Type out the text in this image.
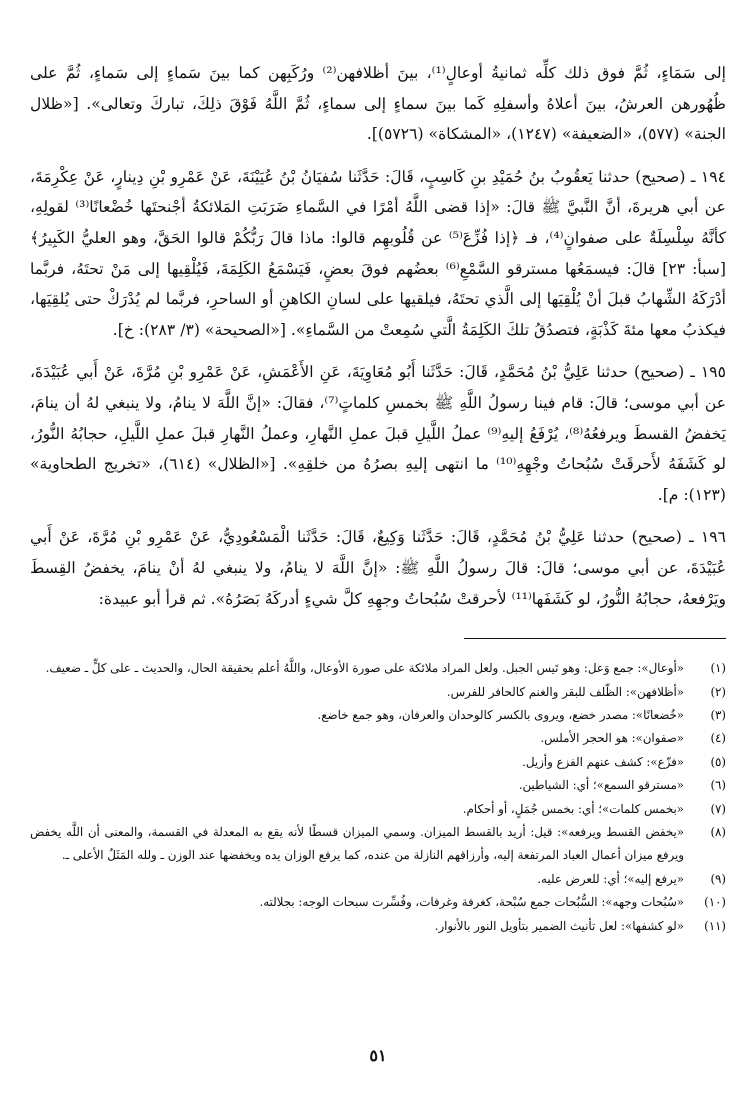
إلى سَمَاءٍ، ثُمَّ فوق ذلك كلِّه ثمانيةُ أوعالٍ⁽¹⁾، بينَ أظلافهن⁽²⁾ ورُكَبِهن كما بينَ سَماءٍ إلى سَماءٍ، ثُمَّ على ظُهُورهن العرشُ، بينَ أعلاهُ وأسفلِهِ كَما بينَ سماءٍ إلى سماءٍ، ثُمَّ اللَّهُ فَوْقَ ذلِكَ، تباركَ وتعالى». [«ظلال الجنة» (٥٧٧)، «الضعيفة» (١٢٤٧)، «المشكاة» (٥٧٢٦)].

١٩٤ ـ (صحيح) حدثنا يَعقُوبُ بنُ حُمَيْدِ بنِ كَاسِبٍ، قَالَ: حَدَّثَنا سُفيَانُ بْنُ عُيَيْنَةَ، عَنْ عَمْرِو بْنِ دِينارٍ، عَنْ عِكْرِمَةَ، عن أبي هريرةَ، أنَّ النَّبيَّ ﷺ قالَ: «إذا قضى اللَّهُ أمْرًا في السَّماءِ ضَرَبَتِ المَلائكةُ أجْنحتَها خُضْعانًا⁽³⁾ لقولِهِ، كأنَّهُ سِلْسِلَةٌ على صفوانٍ⁽⁴⁾، فـ ﴿إذا فُزِّعَ⁽⁵⁾ عن قُلُوبهِم قالوا: ماذا قالَ رَبُّكُمْ قالوا الحَقَّ، وهو العليُّ الكَبِيرُ﴾ [سبأ: ٢٣] قالَ: فيسمَعُها مسترقو السَّمْعِ⁽⁶⁾ بعضُهم فوقَ بعضٍ، فَيَسْمَعُ الكَلِمَةَ، فَيُلْقِيها إلى مَنْ تحتَهُ، فربَّما أدْرَكَهُ الشِّهابُ قبلَ أنْ يُلْقِيَها إلى الَّذي تحتَهُ، فيلقيها على لسانِ الكاهنِ أو الساحرِ، فربَّما لم يُدْرَكْ حتى يُلقِيَها، فيكذبُ معها مئةَ كَذْبَةٍ، فتصدُقُ تلكَ الكَلِمَةُ الَّتي سُمِعتْ من السَّماءِ». [«الصحيحة» (٣/ ٢٨٣): خ].

١٩٥ ـ (صحيح) حدثنا عَلِيُّ بْنُ مُحَمَّدٍ، قَالَ: حَدَّثَنا أَبُو مُعَاوِيَةَ، عَنِ الأَعْمَشِ، عَنْ عَمْرِو بْنِ مُرَّةَ، عَنْ أَبي عُبَيْدَةَ، عن أبي موسى؛ قالَ: قام فينا رسولُ اللَّهِ ﷺ بخمسِ كلماتٍ⁽⁷⁾، فقالَ: «إنَّ اللَّهَ لا ينامُ، ولا ينبغي لهُ أن ينامَ، يَخفضُ القسطَ ويرفعُهُ⁽⁸⁾، يُرْفَعُ إليهِ⁽⁹⁾ عملُ اللَّيلِ قبلَ عملِ النَّهارِ، وعملُ النَّهارِ قبلَ عملِ اللَّيلِ، حجابُهُ النُّورُ، لو كَشَفَهُ لأَحرقَتْ سُبُحاتُ وجْهِهِ⁽¹⁰⁾ ما انتهى إليهِ بصرُهُ من خلقِهِ». [«الظلال» (٦١٤)، «تخريج الطحاوية» (١٢٣): م].

١٩٦ ـ (صحيح) حدثنا عَلِيُّ بْنُ مُحَمَّدٍ، قَالَ: حَدَّثَنا وَكِيعٌ، قَالَ: حَدَّثَنا الْمَسْعُودِيُّ، عَنْ عَمْرِو بْنِ مُرَّةَ، عَنْ أَبي عُبَيْدَةَ، عن أبي موسى؛ قالَ: قالَ رسولُ اللَّهِ ﷺ: «إنَّ اللَّهَ لا ينامُ، ولا ينبغي لهُ أنْ ينامَ، يخفضُ القِسطَ ويَرْفعهُ، حجابُهُ النُّورُ، لو كَشَفَها⁽¹¹⁾ لأحرقتْ سُبُحاتُ وجهِهِ كلَّ شيءٍ أدركَهُ بَصَرُهُ». ثم قرأ أبو عبيدة:

(١)
«أوعال»: جمع وَعل: وهو تَيس الجبل. ولعل المراد ملائكة على صورة الأوعال، واللَّهُ أعلم بحقيقة الحال، والحديث ـ على كلٍّ ـ ضعيف.
(٢)
«أظلافهن»: الظّلف للبقر والغنم كالحافر للفرس.
(٣)
«خُضعانًا»: مصدر خضع، ويروى بالكسر كالوحدان والعرفان، وهو جمع خاضع.
(٤)
«صفوان»: هو الحجر الأملس.
(٥)
«فزّع»: كشف عنهم الفزع وأزيل.
(٦)
«مسترقو السمع»؛ أي: الشياطين.
(٧)
«بخمس كلمات»؛ أي: بخمس جُمَلٍ، أو أحكام.
(٨)
«يخفض القسط ويرفعه»: قيل: أريد بالقسط الميزان. وسمي الميزان قسطًا لأنه يقع به المعدلة في القسمة، والمعنى أن اللَّه يخفض ويرفع ميزان أعمال العباد المرتفعة إليه، وأرزاقهم النازلة من عنده، كما يرفع الوزان يده ويخفضها عند الوزن ـ ولله المَثَلُ الأعلى ـ.
(٩)
«يرفع إليه»؛ أي: للعرض عليه.
(١٠)
«سُبُحات وجهه»: السُّبُحات جمع سُبْحة، كغرفة وغرفات، وفُسِّرت سبحات الوجه: بجلالته.
(١١)
«لو كشفها»: لعل تأنيث الضمير بتأويل النور بالأنوار.
٥١
